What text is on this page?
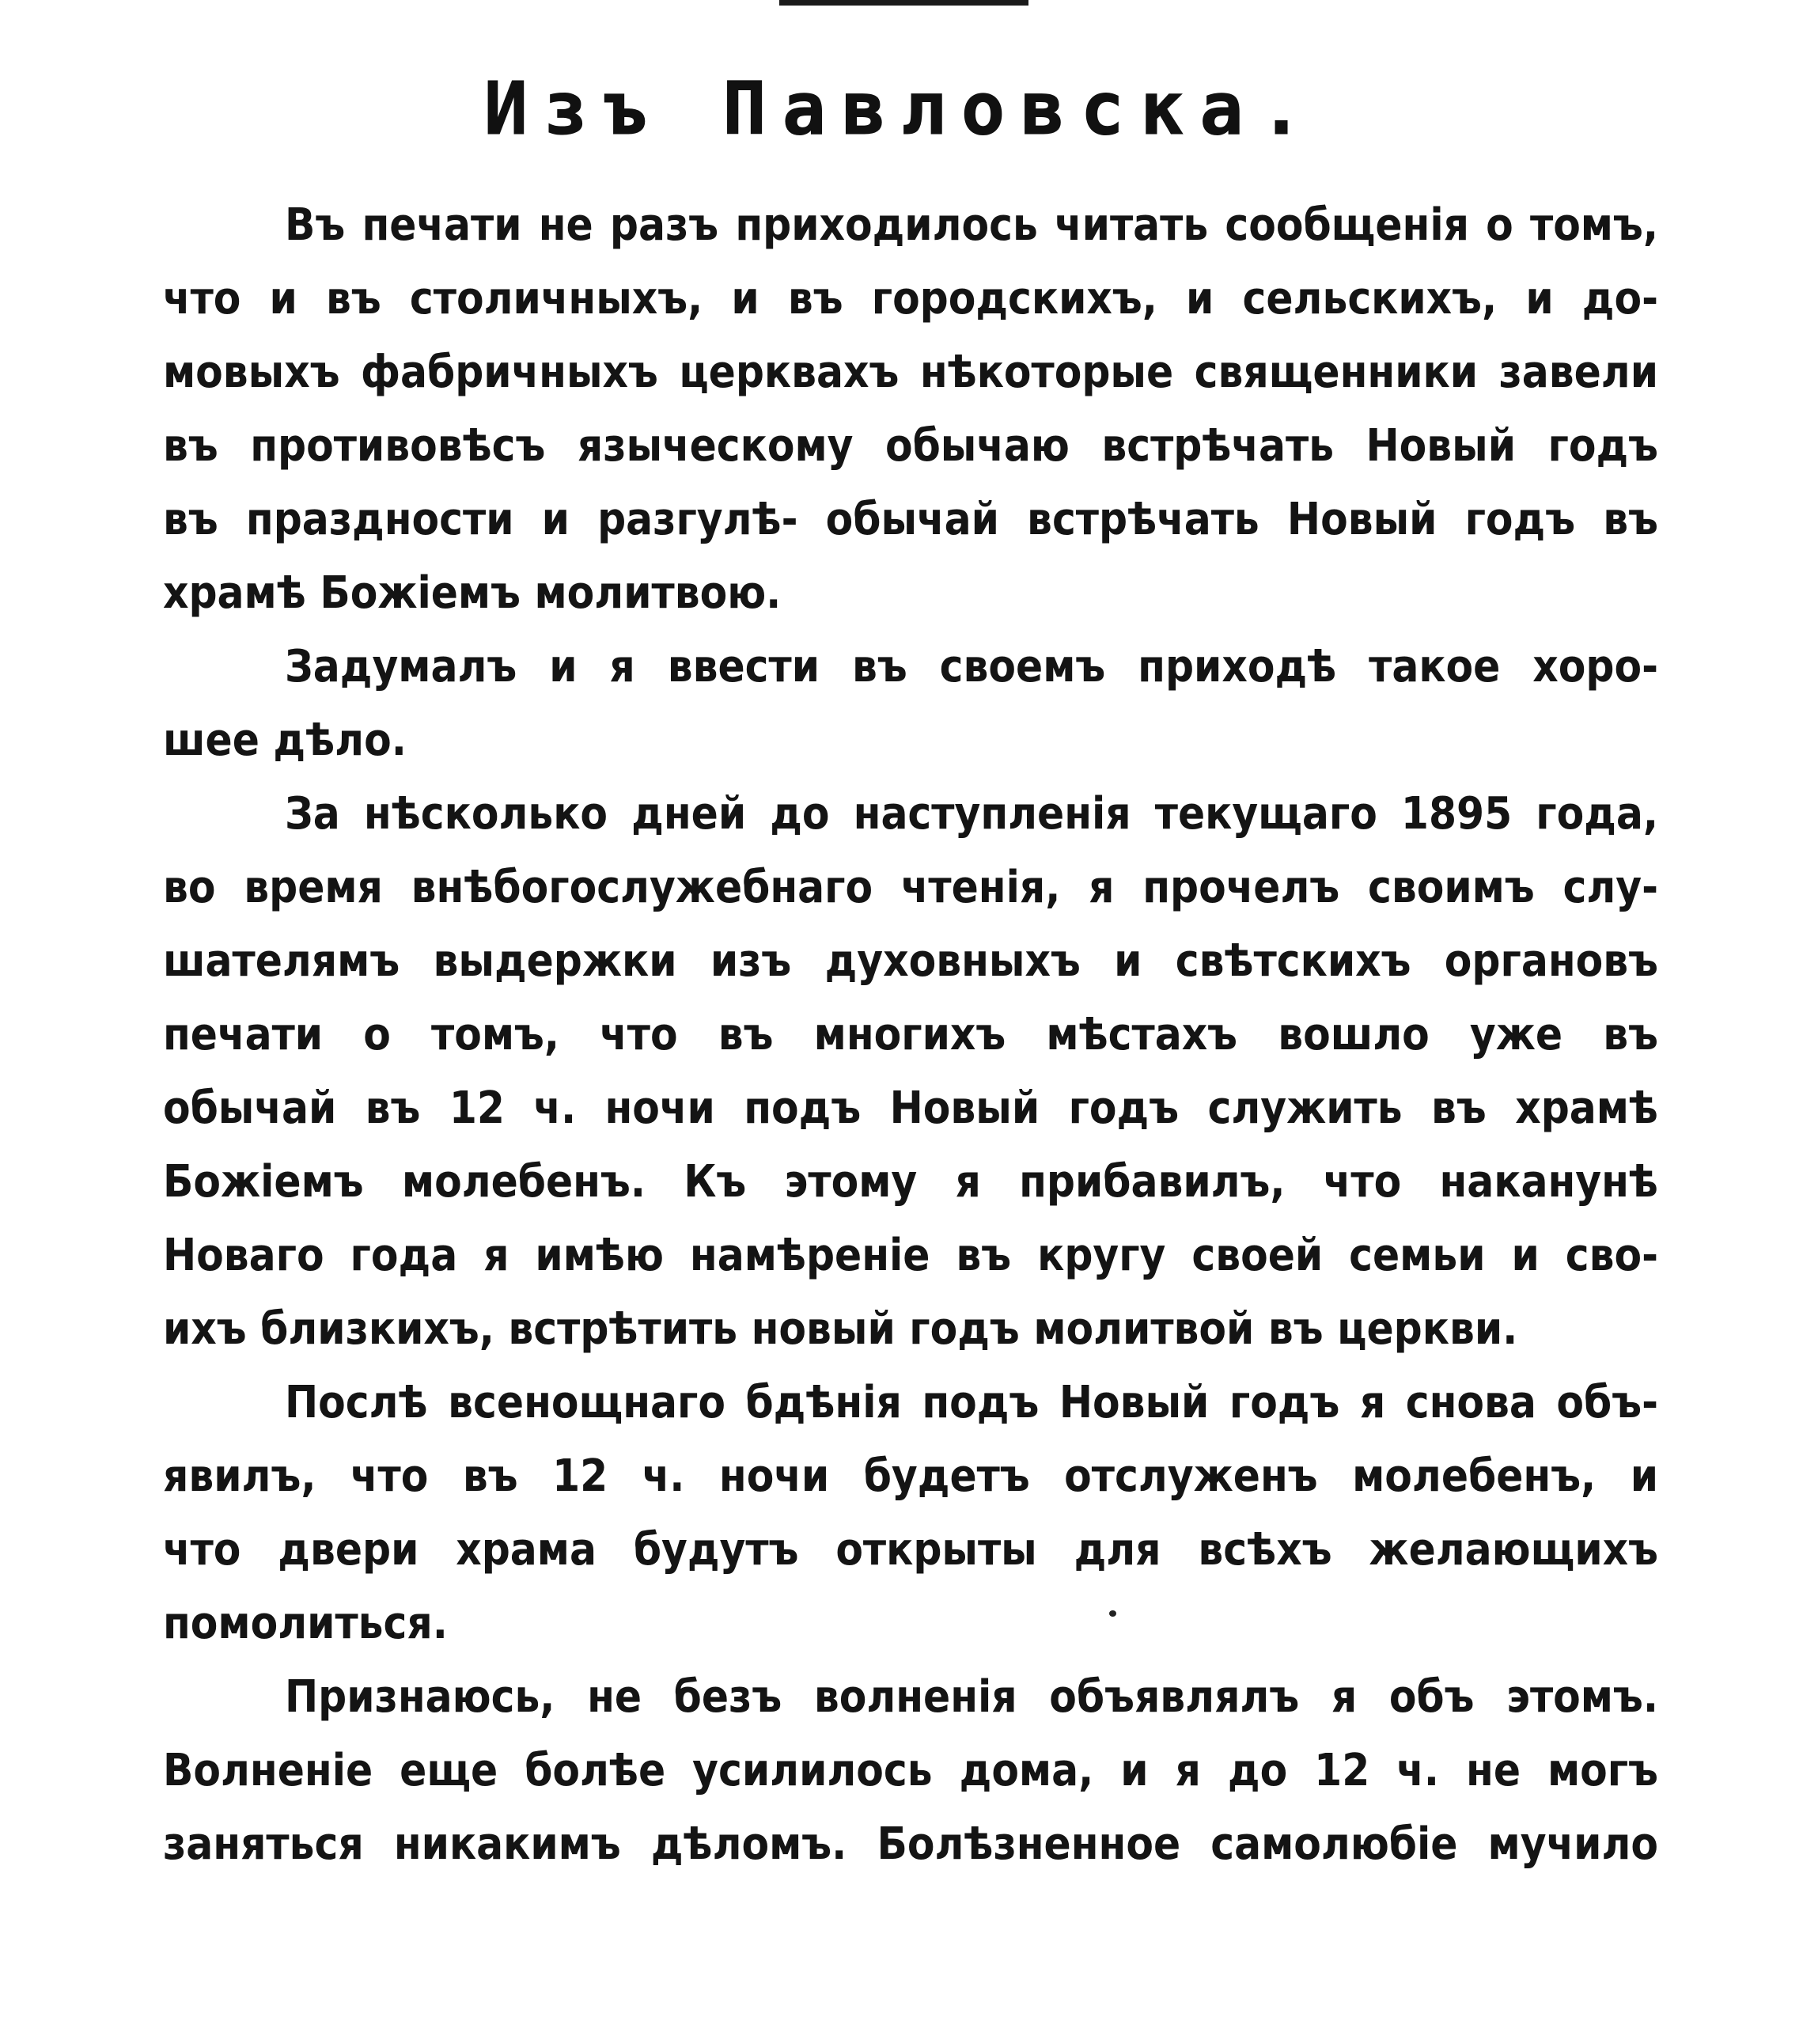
Изъ Павловска.
Въ печати не разъ приходилось читать сообщенія о томъ,
что и въ столичныхъ, и въ городскихъ, и сельскихъ, и до-
мовыхъ фабричныхъ церквахъ нѣкоторые священники завели
въ противовѣсъ языческому обычаю встрѣчать Новый годъ
въ праздности и разгулѣ- обычай встрѣчать Новый годъ въ
храмѣ Божіемъ молитвою.
Задумалъ и я ввести въ своемъ приходѣ такое хоро-
шее дѣло.
За нѣсколько дней до наступленія текущаго 1895 года,
во время внѣбогослужебнаго чтенія, я прочелъ своимъ слу-
шателямъ выдержки изъ духовныхъ и свѣтскихъ органовъ
печати о томъ, что въ многихъ мѣстахъ вошло уже въ
обычай въ 12 ч. ночи подъ Новый годъ служить въ храмѣ
Божіемъ молебенъ. Къ этому я прибавилъ, что наканунѣ
Новаго года я имѣю намѣреніе въ кругу своей семьи и сво-
ихъ близкихъ, встрѣтить новый годъ молитвой въ церкви.
Послѣ всенощнаго бдѣнія подъ Новый годъ я снова объ-
явилъ, что въ 12 ч. ночи будетъ отслуженъ молебенъ, и
что двери храма будутъ открыты для всѣхъ желающихъ
помолиться.
Признаюсь, не безъ волненія объявлялъ я объ этомъ.
Волненіе еще болѣе усилилось дома, и я до 12 ч. не могъ
заняться никакимъ дѣломъ. Болѣзненное самолюбіе мучило
